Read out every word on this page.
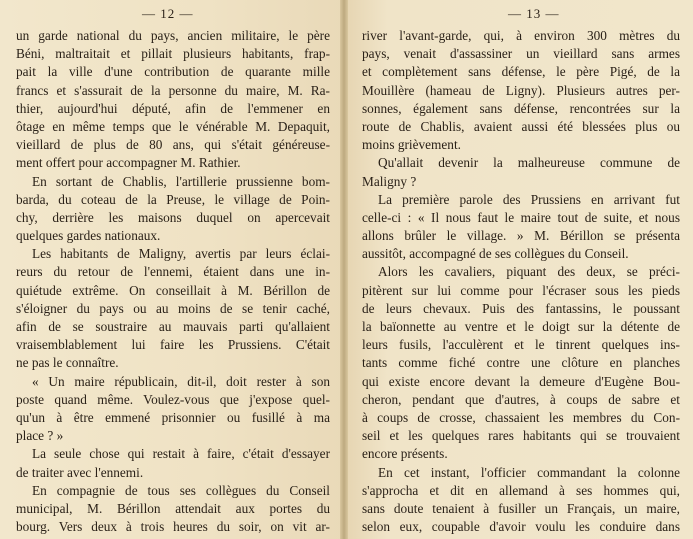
— 12 —	— 13 —
un garde national du pays, ancien militaire, le père
Béni, maltraitait et pillait plusieurs habitants, frap-
pait la ville d'une contribution de quarante mille
francs et s'assurait de la personne du maire, M. Ra-
thier, aujourd'hui député, afin de l'emmener en
ôtage en même temps que le vénérable M. Depaquit,
vieillard de plus de 80 ans, qui s'était généreuse-
ment offert pour accompagner M. Rathier.
En sortant de Chablis, l'artillerie prussienne bom-
barda, du coteau de la Preuse, le village de Poin-
chy, derrière les maisons duquel on apercevait
quelques gardes nationaux.
Les habitants de Maligny, avertis par leurs éclai-
reurs du retour de l'ennemi, étaient dans une in-
quiétude extrême. On conseillait à M. Bérillon de
s'éloigner du pays ou au moins de se tenir caché,
afin de se soustraire au mauvais parti qu'allaient
vraisemblablement lui faire les Prussiens. C'était
ne pas le connaître.
« Un maire républicain, dit-il, doit rester à son
poste quand même. Voulez-vous que j'expose quel-
qu'un à être emmené prisonnier ou fusillé à ma
place ? »
La seule chose qui restait à faire, c'était d'essayer
de traiter avec l'ennemi.
En compagnie de tous ses collègues du Conseil
municipal, M. Bérillon attendait aux portes du
bourg. Vers deux à trois heures du soir, on vit ar-
river l'avant-garde, qui, à environ 300 mètres du
pays, venait d'assassiner un vieillard sans armes
et complètement sans défense, le père Pigé, de la
Mouillère (hameau de Ligny). Plusieurs autres per-
sonnes, également sans défense, rencontrées sur la
route de Chablis, avaient aussi été blessées plus ou
moins grièvement.
Qu'allait devenir la malheureuse commune de
Maligny ?
La première parole des Prussiens en arrivant fut
celle-ci : « Il nous faut le maire tout de suite, et nous
allons brûler le village. » M. Bérillon se présenta
aussitôt, accompagné de ses collègues du Conseil.
Alors les cavaliers, piquant des deux, se préci-
pitèrent sur lui comme pour l'écraser sous les pieds
de leurs chevaux. Puis des fantassins, le poussant
la baïonnette au ventre et le doigt sur la détente de
leurs fusils, l'acculèrent et le tinrent quelques ins-
tants comme fiché contre une clôture en planches
qui existe encore devant la demeure d'Eugène Bou-
cheron, pendant que d'autres, à coups de sabre et
à coups de crosse, chassaient les membres du Con-
seil et les quelques rares habitants qui se trouvaient
encore présents.
En cet instant, l'officier commandant la colonne
s'approcha et dit en allemand à ses hommes qui,
sans doute tenaient à fusiller un Français, un maire,
selon eux, coupable d'avoir voulu les conduire dans
